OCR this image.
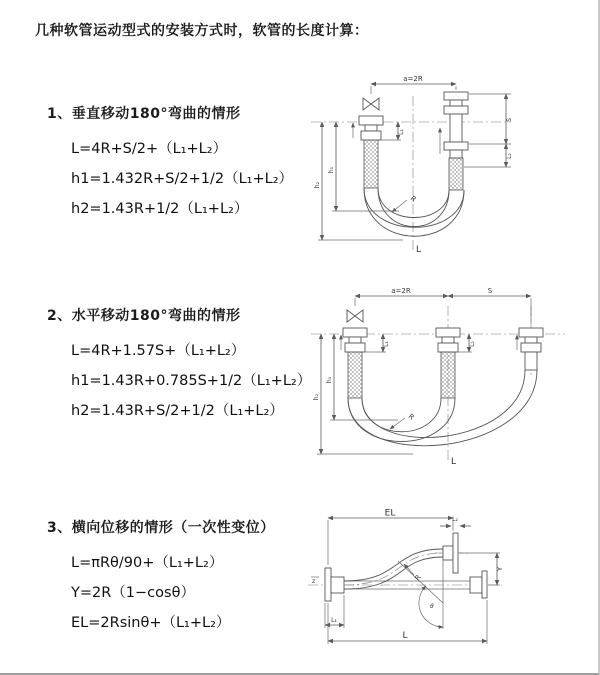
几种软管运动型式的安装方式时，软管的长度计算：
1、垂直移动180°弯曲的情形
L=4R+S/2+（L₁+L₂）
h1=1.432R+S/2+1/2（L₁+L₂）
h2=1.43R+1/2（L₁+L₂）
a=2R
R
h₁
h₂
L₁
S
L₂
L
2、水平移动180°弯曲的情形
L=4R+1.57S+（L₁+L₂）
h1=1.43R+0.785S+1/2（L₁+L₂）
h2=1.43R+S/2+1/2（L₁+L₂）
a=2R	S
R
h₁
h₂
L₁	L₂
L
3、横向位移的情形（一次性变位）
L=πRθ/90+（L₁+L₂）
Y=2R（1−cosθ）
EL=2Rsinθ+（L₁+L₂）
z
θ
R
EL
L₂
Y
L₁
L
